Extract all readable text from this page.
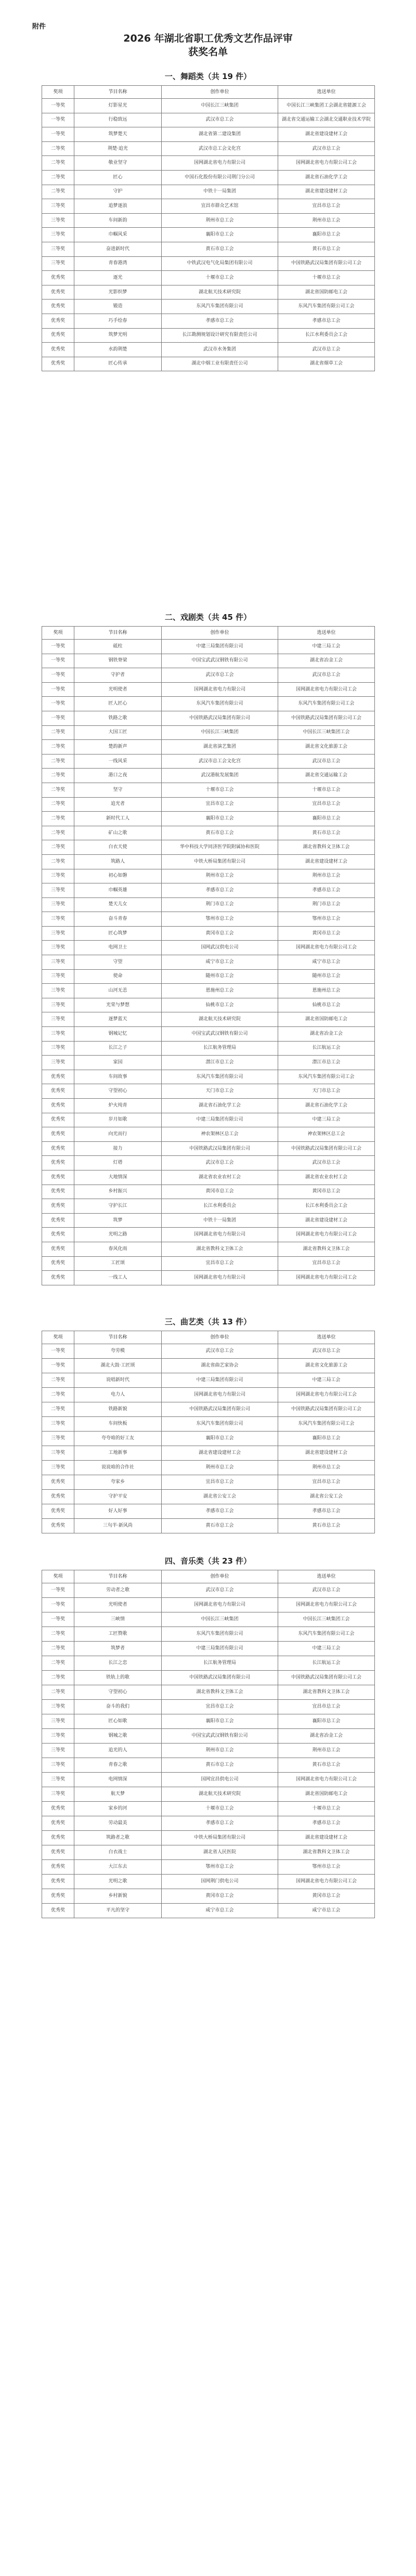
附件
2026 年湖北省职工优秀文艺作品评审
获奖名单
一、舞蹈类（共 19 件）
奖项	节目名称	创作单位	选送单位
一等奖	灯影星光	中国长江三峡集团	中国长江三峡集团工会湖北省能源工会
一等奖	行稳致远	武汉市总工会	湖北省交通运输工会湖北交通职业技术学院
一等奖	筑梦楚天	湖北省第二建设集团	湖北省建设建材工会
二等奖	荆楚·追光	武汉市总工会文化宫	武汉市总工会
二等奖	敬业坚守	国网湖北省电力有限公司	国网湖北省电力有限公司工会
二等奖	匠心	中国石化股份有限公司荆门分公司	湖北省石油化学工会
二等奖	守护	中铁十一局集团	湖北省建设建材工会
三等奖	追梦逐浪	宜昌市群众艺术馆	宜昌市总工会
三等奖	车间新韵	荆州市总工会	荆州市总工会
三等奖	巾帼风采	襄阳市总工会	襄阳市总工会
三等奖	奋进新时代	黄石市总工会	黄石市总工会
三等奖	青春港湾	中铁武汉电气化局集团有限公司	中国铁路武汉局集团有限公司工会
优秀奖	逐光	十堰市总工会	十堰市总工会
优秀奖	光影织梦	湖北航天技术研究院	湖北省国防邮电工会
优秀奖	锻造	东风汽车集团有限公司	东风汽车集团有限公司工会
优秀奖	巧手绘春	孝感市总工会	孝感市总工会
优秀奖	筑梦光明	长江勘测规划设计研究有限责任公司	长江水利委员会工会
优秀奖	水韵荆楚	武汉市水务集团	武汉市总工会
优秀奖	匠心传承	湖北中烟工业有限责任公司	湖北省烟草工会
二、戏剧类（共 45 件）
奖项	节目名称	创作单位	选送单位
一等奖	砥柱	中建三局集团有限公司	中建三局工会
一等奖	钢铁脊梁	中国宝武武汉钢铁有限公司	湖北省冶金工会
一等奖	守护者	武汉市总工会	武汉市总工会
一等奖	光明使者	国网湖北省电力有限公司	国网湖北省电力有限公司工会
一等奖	匠人匠心	东风汽车集团有限公司	东风汽车集团有限公司工会
一等奖	铁路之歌	中国铁路武汉局集团有限公司	中国铁路武汉局集团有限公司工会
二等奖	大国工匠	中国长江三峡集团	中国长江三峡集团工会
二等奖	楚韵新声	湖北省演艺集团	湖北省文化旅游工会
二等奖	一线风采	武汉市总工会文化宫	武汉市总工会
二等奖	港口之夜	武汉港航发展集团	湖北省交通运输工会
二等奖	坚守	十堰市总工会	十堰市总工会
二等奖	追光者	宜昌市总工会	宜昌市总工会
二等奖	新时代工人	襄阳市总工会	襄阳市总工会
二等奖	矿山之歌	黄石市总工会	黄石市总工会
二等奖	白衣天使	华中科技大学同济医学院附属协和医院	湖北省教科文卫体工会
二等奖	筑路人	中铁大桥局集团有限公司	湖北省建设建材工会
三等奖	初心如磐	荆州市总工会	荆州市总工会
三等奖	巾帼英雄	孝感市总工会	孝感市总工会
三等奖	楚天儿女	荆门市总工会	荆门市总工会
三等奖	奋斗青春	鄂州市总工会	鄂州市总工会
三等奖	匠心筑梦	黄冈市总工会	黄冈市总工会
三等奖	电网卫士	国网武汉供电公司	国网湖北省电力有限公司工会
三等奖	守望	咸宁市总工会	咸宁市总工会
三等奖	使命	随州市总工会	随州市总工会
三等奖	山河无恙	恩施州总工会	恩施州总工会
三等奖	光荣与梦想	仙桃市总工会	仙桃市总工会
三等奖	逐梦蓝天	湖北航天技术研究院	湖北省国防邮电工会
三等奖	钢城记忆	中国宝武武汉钢铁有限公司	湖北省冶金工会
三等奖	长江之子	长江航务管理局	长江航运工会
三等奖	家园	潜江市总工会	潜江市总工会
优秀奖	车间故事	东风汽车集团有限公司	东风汽车集团有限公司工会
优秀奖	守望初心	天门市总工会	天门市总工会
优秀奖	炉火纯青	湖北省石油化学工会	湖北省石油化学工会
优秀奖	岁月如歌	中建三局集团有限公司	中建三局工会
优秀奖	向光而行	神农架林区总工会	神农架林区总工会
优秀奖	接力	中国铁路武汉局集团有限公司	中国铁路武汉局集团有限公司工会
优秀奖	灯塔	武汉市总工会	武汉市总工会
优秀奖	大地情深	湖北省农业农村工会	湖北省农业农村工会
优秀奖	乡村振兴	黄冈市总工会	黄冈市总工会
优秀奖	守护长江	长江水利委员会	长江水利委员会工会
优秀奖	筑梦	中铁十一局集团	湖北省建设建材工会
优秀奖	光明之路	国网湖北省电力有限公司	国网湖北省电力有限公司工会
优秀奖	春风化雨	湖北省教科文卫体工会	湖北省教科文卫体工会
优秀奖	工匠颂	宜昌市总工会	宜昌市总工会
优秀奖	一线工人	国网湖北省电力有限公司	国网湖北省电力有限公司工会
三、曲艺类（共 13 件）
奖项	节目名称	创作单位	选送单位
一等奖	夸劳模	武汉市总工会	武汉市总工会
一等奖	湖北大鼓·工匠颂	湖北省曲艺家协会	湖北省文化旅游工会
二等奖	说唱新时代	中建三局集团有限公司	中建三局工会
二等奖	电力人	国网湖北省电力有限公司	国网湖北省电力有限公司工会
二等奖	铁路新貌	中国铁路武汉局集团有限公司	中国铁路武汉局集团有限公司工会
三等奖	车间快板	东风汽车集团有限公司	东风汽车集团有限公司工会
三等奖	夸夸咱的好工友	襄阳市总工会	襄阳市总工会
三等奖	工地新事	湖北省建设建材工会	湖北省建设建材工会
三等奖	说说咱的合作社	荆州市总工会	荆州市总工会
优秀奖	夸家乡	宜昌市总工会	宜昌市总工会
优秀奖	守护平安	湖北省公安工会	湖北省公安工会
优秀奖	好人好事	孝感市总工会	孝感市总工会
优秀奖	三句半·新风尚	黄石市总工会	黄石市总工会
四、音乐类（共 23 件）
奖项	节目名称	创作单位	选送单位
一等奖	劳动者之歌	武汉市总工会	武汉市总工会
一等奖	光明使者	国网湖北省电力有限公司	国网湖北省电力有限公司工会
一等奖	三峡情	中国长江三峡集团	中国长江三峡集团工会
二等奖	工匠赞歌	东风汽车集团有限公司	东风汽车集团有限公司工会
二等奖	筑梦者	中建三局集团有限公司	中建三局工会
二等奖	长江之恋	长江航务管理局	长江航运工会
二等奖	铁轨上的歌	中国铁路武汉局集团有限公司	中国铁路武汉局集团有限公司工会
二等奖	守望初心	湖北省教科文卫体工会	湖北省教科文卫体工会
三等奖	奋斗的我们	宜昌市总工会	宜昌市总工会
三等奖	匠心如歌	襄阳市总工会	襄阳市总工会
三等奖	钢城之歌	中国宝武武汉钢铁有限公司	湖北省冶金工会
三等奖	追光的人	荆州市总工会	荆州市总工会
三等奖	青春之歌	黄石市总工会	黄石市总工会
三等奖	电网情深	国网宜昌供电公司	国网湖北省电力有限公司工会
三等奖	航天梦	湖北航天技术研究院	湖北省国防邮电工会
优秀奖	家乡的河	十堰市总工会	十堰市总工会
优秀奖	劳动最美	孝感市总工会	孝感市总工会
优秀奖	筑路者之歌	中铁大桥局集团有限公司	湖北省建设建材工会
优秀奖	白衣战士	湖北省人民医院	湖北省教科文卫体工会
优秀奖	大江东去	鄂州市总工会	鄂州市总工会
优秀奖	光明之歌	国网荆门供电公司	国网湖北省电力有限公司工会
优秀奖	乡村新貌	黄冈市总工会	黄冈市总工会
优秀奖	平凡的坚守	咸宁市总工会	咸宁市总工会
